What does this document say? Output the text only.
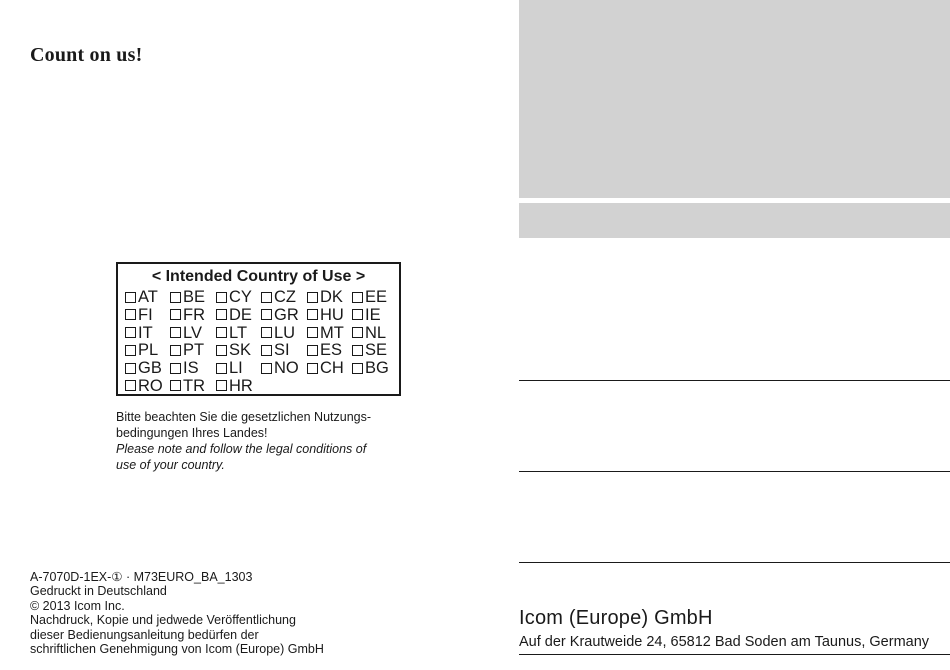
Count on us!
< Intended Country of Use >
AT BE CY CZ DK EE
FI FR DE GR HU IE
IT LV LT LU MT NL
PL PT SK SI ES SE
GB IS LI NO CH BG
RO TR HR
Bitte beachten Sie die gesetzlichen Nutzungs-
bedingungen Ihres Landes!
Please note and follow the legal conditions of
use of your country.
A-7070D-1EX-① · M73EURO_BA_1303
Gedruckt in Deutschland
© 2013 Icom Inc.
Nachdruck, Kopie und jedwede Veröffentlichung
dieser Bedienungsanleitung bedürfen der
schriftlichen Genehmigung von Icom (Europe) GmbH
Icom (Europe) GmbH
Auf der Krautweide 24, 65812 Bad Soden am Taunus, Germany
